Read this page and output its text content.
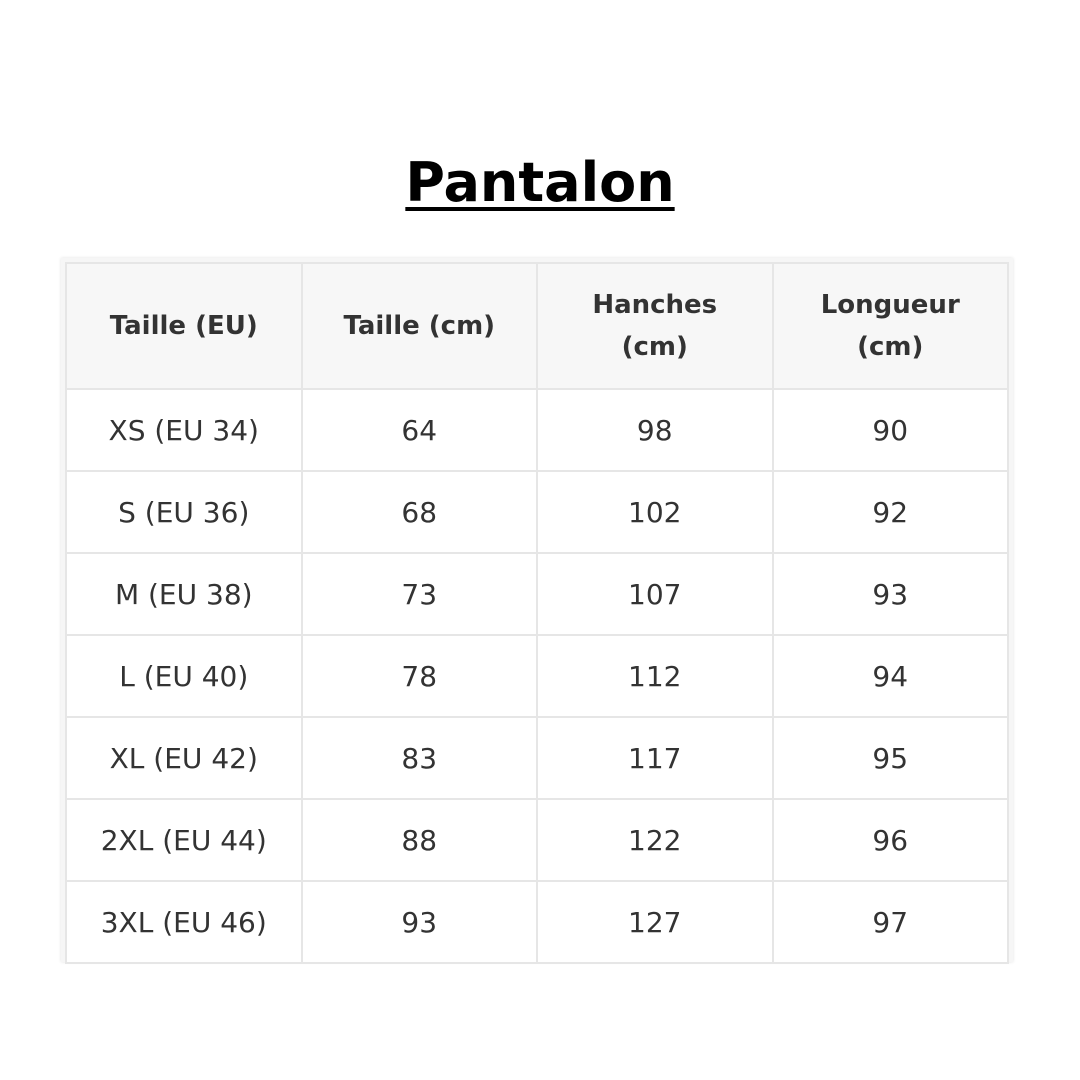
Pantalon
Taille (EU)	Taille (cm)	Hanches (cm)	Longueur (cm)
XS (EU 34)	64	98	90
S (EU 36)	68	102	92
M (EU 38)	73	107	93
L (EU 40)	78	112	94
XL (EU 42)	83	117	95
2XL (EU 44)	88	122	96
3XL (EU 46)	93	127	97
